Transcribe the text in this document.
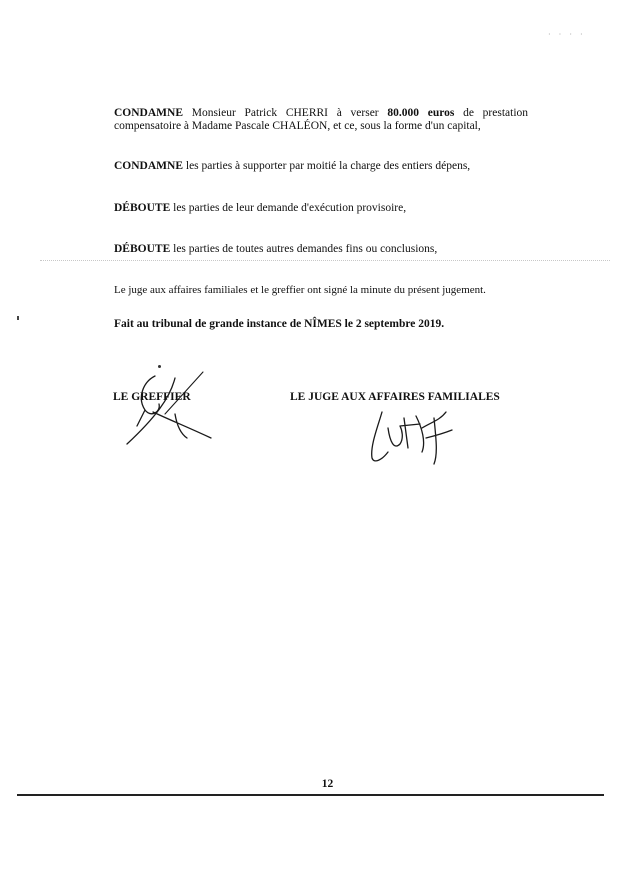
· · · ·

CONDAMNE Monsieur Patrick CHERRI à verser 80.000 euros de prestation compensatoire à Madame Pascale CHALÉON, et ce, sous la forme d'un capital,

CONDAMNE les parties à supporter par moitié la charge des entiers dépens,

DÉBOUTE les parties de leur demande d'exécution provisoire,

DÉBOUTE les parties de toutes autres demandes fins ou conclusions,

Le juge aux affaires familiales et le greffier ont signé la minute du présent jugement.

Fait au tribunal de grande instance de NÎMES le 2 septembre 2019.

LE GREFFIER	LE JUGE AUX AFFAIRES FAMILIALES

12
